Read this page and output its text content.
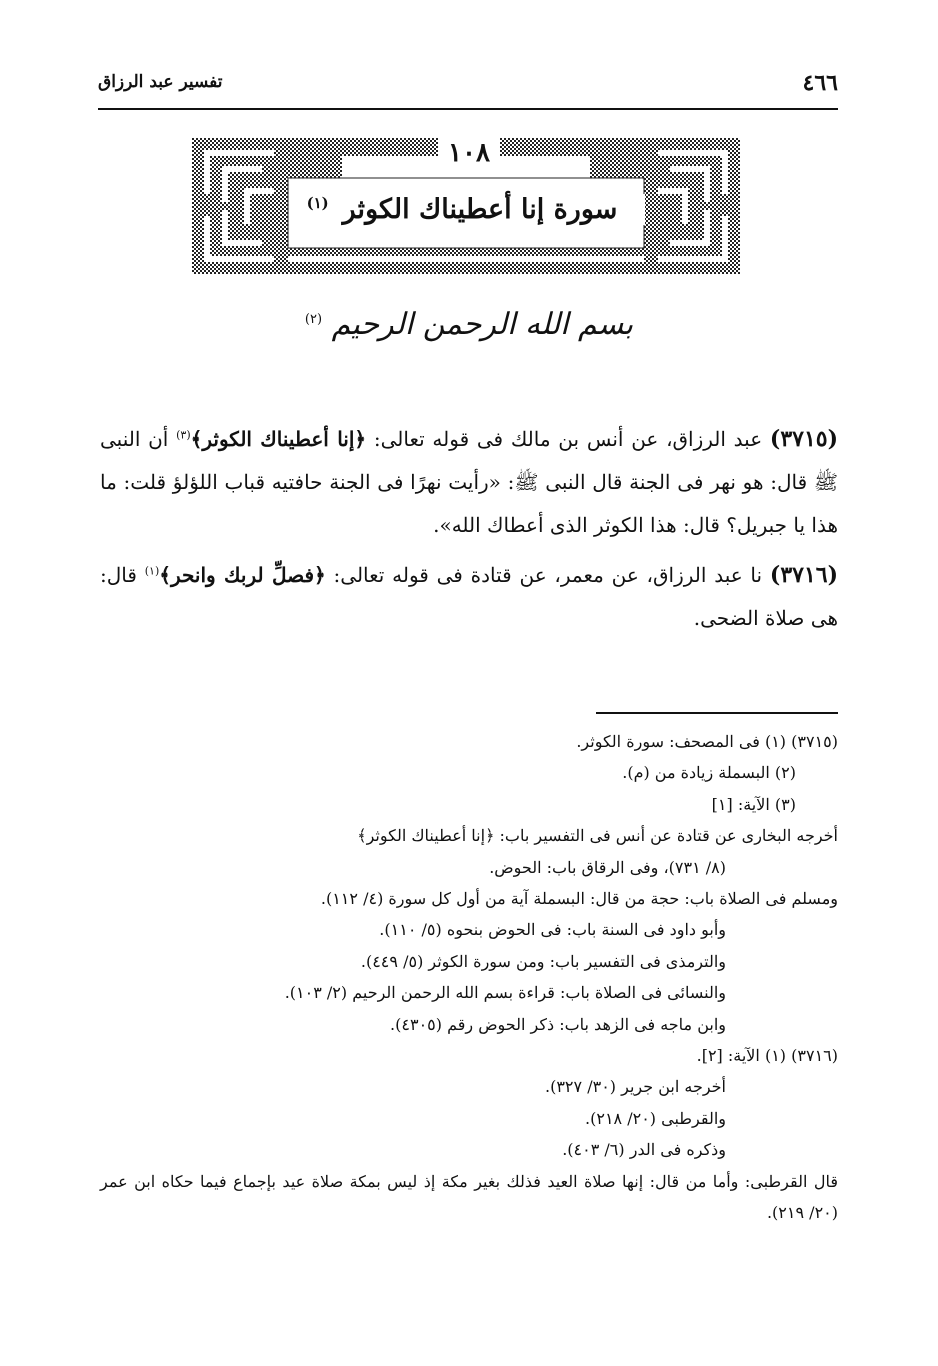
٤٦٦
تفسير عبد الرزاق
١٠٨
سورة إنا أعطيناك الكوثر$^{(١)}$
بسم الله الرحمن الرحيم $^{(٢)}$

(٣٧١٥) عبد الرزاق، عن أنس بن مالك فى قوله تعالى: ﴿إنا أعطيناك الكوثر﴾$^{(٣)}$ أن النبى ﷺ قال: هو نهر فى الجنة قال النبى ﷺ: «رأيت نهرًا فى الجنة حافتيه قباب اللؤلؤ قلت: ما هذا يا جبريل؟ قال: هذا الكوثر الذى أعطاك الله».

(٣٧١٦) نا عبد الرزاق، عن معمر، عن قتادة فى قوله تعالى: ﴿فصلِّ لربك وانحر﴾$^{(١)}$ قال: هى صلاة الضحى.

(٣٧١٥) (١) فى المصحف: سورة الكوثر.
(٢) البسملة زيادة من (م).
(٣) الآية: [١]
أخرجه البخارى عن قتادة عن أنس فى التفسير باب: ﴿إنا أعطيناك الكوثر﴾
(٨/ ٧٣١)، وفى الرقاق باب: الحوض.
ومسلم فى الصلاة باب: حجة من قال: البسملة آية من أول كل سورة (٤/ ١١٢).
وأبو داود فى السنة باب: فى الحوض بنحوه (٥/ ١١٠).
والترمذى فى التفسير باب: ومن سورة الكوثر (٥/ ٤٤٩).
والنسائى فى الصلاة باب: قراءة بسم الله الرحمن الرحيم (٢/ ١٠٣).
وابن ماجه فى الزهد باب: ذكر الحوض رقم (٤٣٠٥).
(٣٧١٦) (١) الآية: [٢].
أخرجه ابن جرير (٣٠/ ٣٢٧).
والقرطبى (٢٠/ ٢١٨).
وذكره فى الدر (٦/ ٤٠٣).
قال القرطبى: وأما من قال: إنها صلاة العيد فذلك بغير مكة إذ ليس بمكة صلاة عيد بإجماع فيما حكاه ابن عمر (٢٠/ ٢١٩).
